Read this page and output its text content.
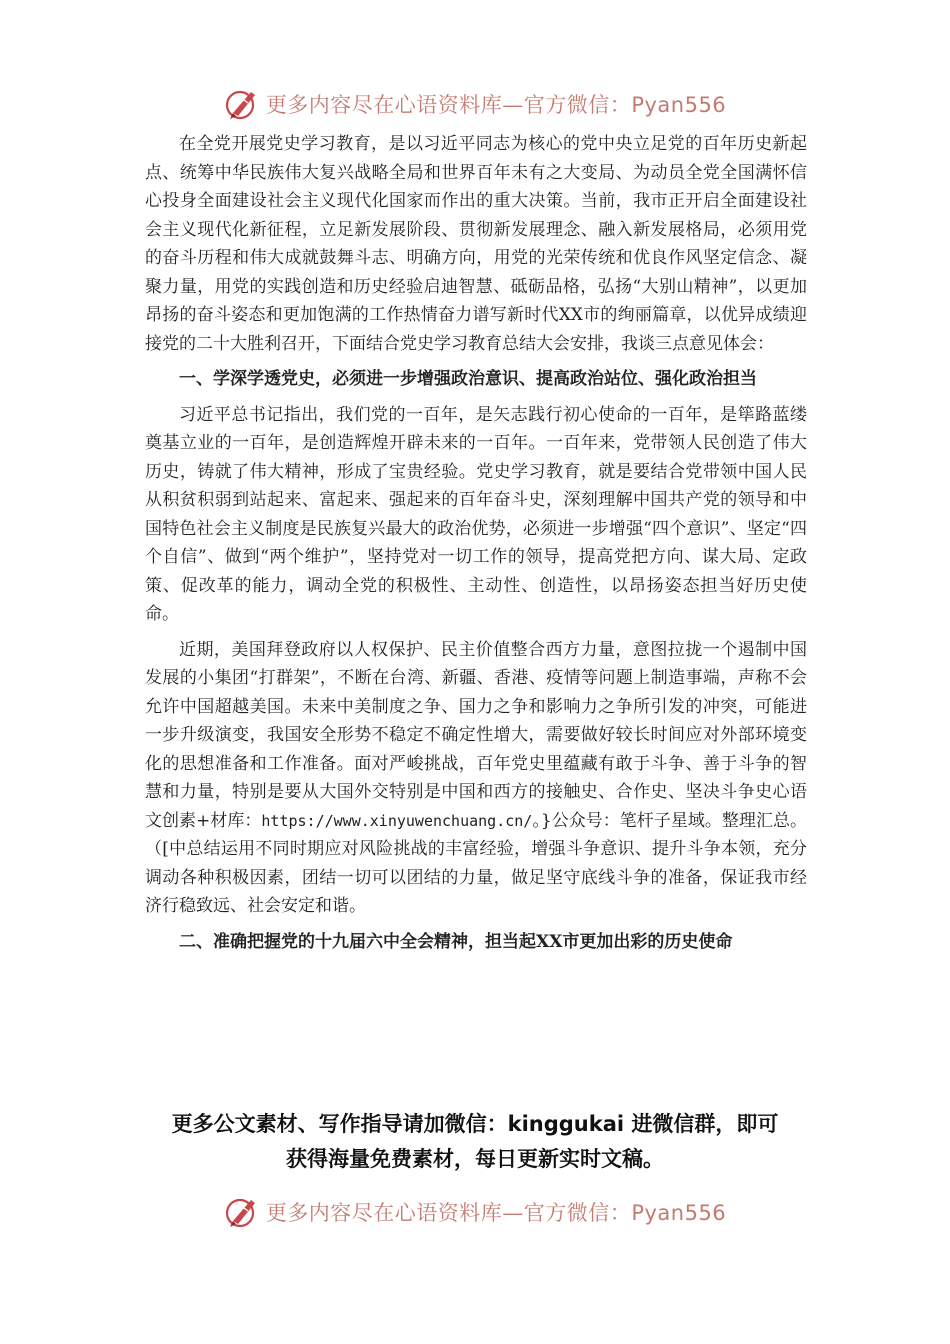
更多内容尽在心语资料库—官方微信：Pyan556

在全党开展党史学习教育，是以习近平同志为核心的党中央立足党的百年历史新起点、统筹中华民族伟大复兴战略全局和世界百年未有之大变局、为动员全党全国满怀信心投身全面建设社会主义现代化国家而作出的重大决策。当前，我市正开启全面建设社会主义现代化新征程，立足新发展阶段、贯彻新发展理念、融入新发展格局，必须用党的奋斗历程和伟大成就鼓舞斗志、明确方向，用党的光荣传统和优良作风坚定信念、凝聚力量，用党的实践创造和历史经验启迪智慧、砥砺品格，弘扬“大别山精神”，以更加昂扬的奋斗姿态和更加饱满的工作热情奋力谱写新时代XX市的绚丽篇章，以优异成绩迎接党的二十大胜利召开，下面结合党史学习教育总结大会安排，我谈三点意见体会：

一、学深学透党史，必须进一步增强政治意识、提高政治站位、强化政治担当

习近平总书记指出，我们党的一百年，是矢志践行初心使命的一百年，是筚路蓝缕奠基立业的一百年，是创造辉煌开辟未来的一百年。一百年来，党带领人民创造了伟大历史，铸就了伟大精神，形成了宝贵经验。党史学习教育，就是要结合党带领中国人民从积贫积弱到站起来、富起来、强起来的百年奋斗史，深刻理解中国共产党的领导和中国特色社会主义制度是民族复兴最大的政治优势，必须进一步增强“四个意识”、坚定“四个自信”、做到“两个维护”，坚持党对一切工作的领导，提高党把方向、谋大局、定政策、促改革的能力，调动全党的积极性、主动性、创造性，以昂扬姿态担当好历史使命。

近期，美国拜登政府以人权保护、民主价值整合西方力量，意图拉拢一个遏制中国发展的小集团“打群架”，不断在台湾、新疆、香港、疫情等问题上制造事端，声称不会允许中国超越美国。未来中美制度之争、国力之争和影响力之争所引发的冲突，可能进一步升级演变，我国安全形势不稳定不确定性增大，需要做好较长时间应对外部环境变化的思想准备和工作准备。面对严峻挑战，百年党史里蕴藏有敢于斗争、善于斗争的智慧和力量，特别是要从大国外交特别是中国和西方的接触史、合作史、坚决斗争史心语文创素+材库：https://www.xinyuwenchuang.cn/。}公众号：笔杆子星域。整理汇总。（[中总结运用不同时期应对风险挑战的丰富经验，增强斗争意识、提升斗争本领，充分调动各种积极因素，团结一切可以团结的力量，做足坚守底线斗争的准备，保证我市经济行稳致远、社会安定和谐。

二、准确把握党的十九届六中全会精神，担当起XX市更加出彩的历史使命

更多公文素材、写作指导请加微信：kinggukai 进微信群，即可
获得海量免费素材，每日更新实时文稿。
更多内容尽在心语资料库—官方微信：Pyan556
